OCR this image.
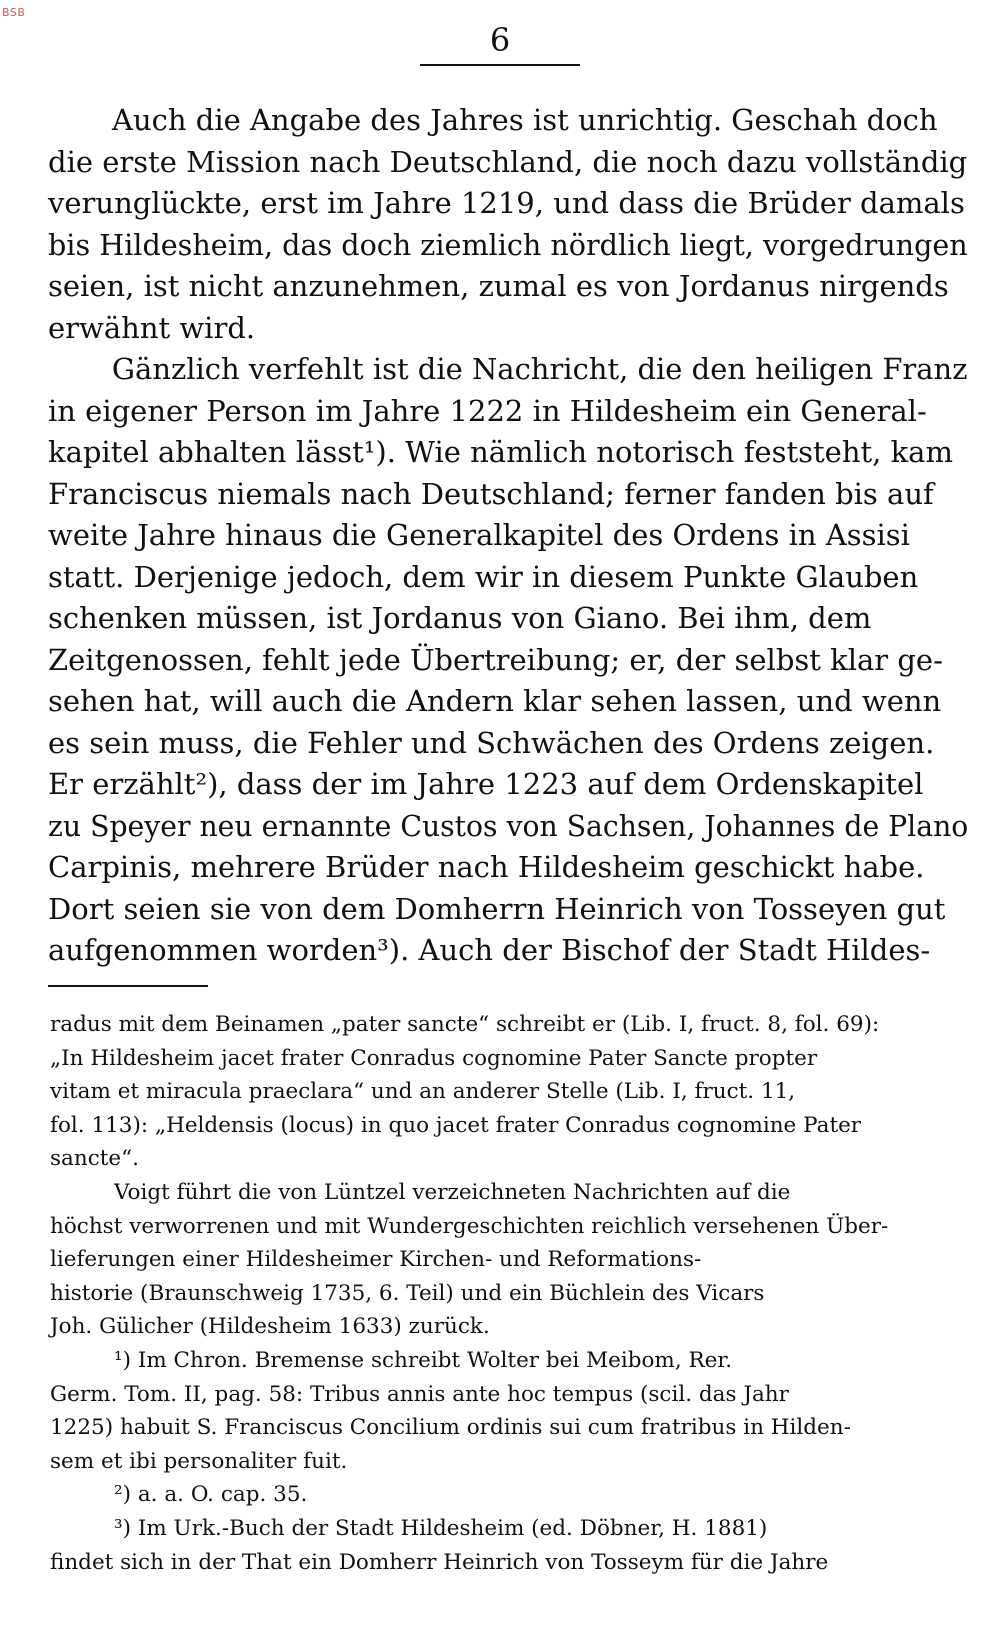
BSB
6
Auch die Angabe des Jahres ist unrichtig. Geschah doch
die erste Mission nach Deutschland, die noch dazu vollständig
verunglückte, erst im Jahre 1219, und dass die Brüder damals
bis Hildesheim, das doch ziemlich nördlich liegt, vorgedrungen
seien, ist nicht anzunehmen, zumal es von Jordanus nirgends
erwähnt wird.
Gänzlich verfehlt ist die Nachricht, die den heiligen Franz
in eigener Person im Jahre 1222 in Hildesheim ein General-
kapitel abhalten lässt¹). Wie nämlich notorisch feststeht, kam
Franciscus niemals nach Deutschland; ferner fanden bis auf
weite Jahre hinaus die Generalkapitel des Ordens in Assisi
statt. Derjenige jedoch, dem wir in diesem Punkte Glauben
schenken müssen, ist Jordanus von Giano. Bei ihm, dem
Zeitgenossen, fehlt jede Übertreibung; er, der selbst klar ge-
sehen hat, will auch die Andern klar sehen lassen, und wenn
es sein muss, die Fehler und Schwächen des Ordens zeigen.
Er erzählt²), dass der im Jahre 1223 auf dem Ordenskapitel
zu Speyer neu ernannte Custos von Sachsen, Johannes de Plano
Carpinis, mehrere Brüder nach Hildesheim geschickt habe.
Dort seien sie von dem Domherrn Heinrich von Tosseyen gut
aufgenommen worden³). Auch der Bischof der Stadt Hildes-
radus mit dem Beinamen „pater sancte“ schreibt er (Lib. I, fruct. 8, fol. 69):
„In Hildesheim jacet frater Conradus cognomine Pater Sancte propter
vitam et miracula praeclara“ und an anderer Stelle (Lib. I, fruct. 11,
fol. 113): „Heldensis (locus) in quo jacet frater Conradus cognomine Pater
sancte“.
Voigt führt die von Lüntzel verzeichneten Nachrichten auf die
höchst verworrenen und mit Wundergeschichten reichlich versehenen Über-
lieferungen einer Hildesheimer Kirchen- und Reformations-
historie (Braunschweig 1735, 6. Teil) und ein Büchlein des Vicars
Joh. Gülicher (Hildesheim 1633) zurück.
¹) Im Chron. Bremense schreibt Wolter bei Meibom, Rer.
Germ. Tom. II, pag. 58: Tribus annis ante hoc tempus (scil. das Jahr
1225) habuit S. Franciscus Concilium ordinis sui cum fratribus in Hilden-
sem et ibi personaliter fuit.
²) a. a. O. cap. 35.
³) Im Urk.-Buch der Stadt Hildesheim (ed. Döbner, H. 1881)
findet sich in der That ein Domherr Heinrich von Tosseym für die Jahre
